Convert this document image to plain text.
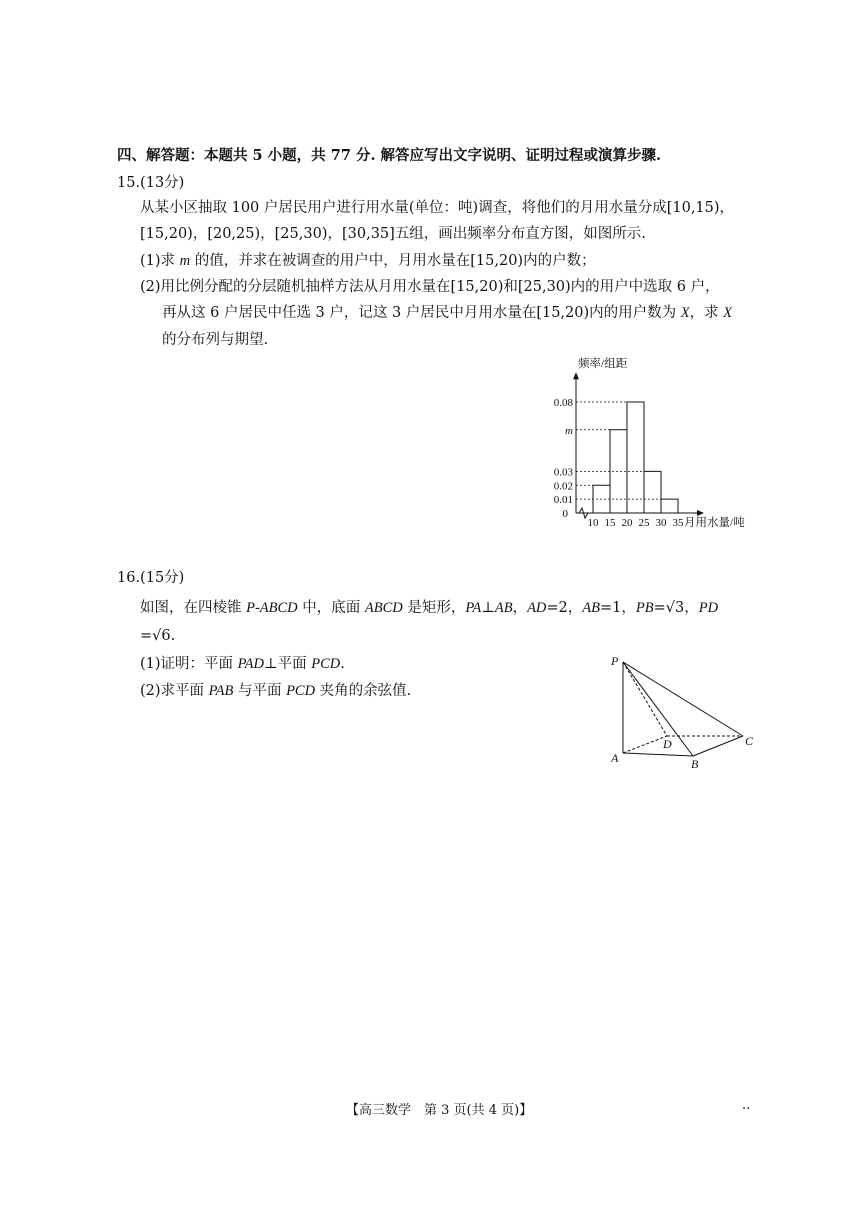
四、解答题：本题共 5 小题，共 77 分. 解答应写出文字说明、证明过程或演算步骤.
15.(13分)
从某小区抽取 100 户居民用户进行用水量(单位：吨)调查，将他们的月用水量分成[10,15)，
[15,20)，[20,25)，[25,30)，[30,35]五组，画出频率分布直方图，如图所示.
(1)求 m 的值，并求在被调查的用户中，月用水量在[15,20)内的户数；
(2)用比例分配的分层随机抽样方法从月用水量在[15,20)和[25,30)内的用户中选取 6 户，
再从这 6 户居民中任选 3 户，记这 3 户居民中月用水量在[15,20)内的用户数为 X，求 X
的分布列与期望.
0.08
m
0.03
0.02
0.01
0
10 15 20 25 30 35
频率/组距
月用水量/吨
16.(15分)
如图，在四棱锥 P-ABCD 中，底面 ABCD 是矩形，PA⊥AB，AD=2，AB=1，PB=√3，PD
=√6.
(1)证明：平面 PAD⊥平面 PCD.
(2)求平面 PAB 与平面 PCD 夹角的余弦值.
P
A	B
C
D
【高三数学　第 3 页(共 4 页)】	..
